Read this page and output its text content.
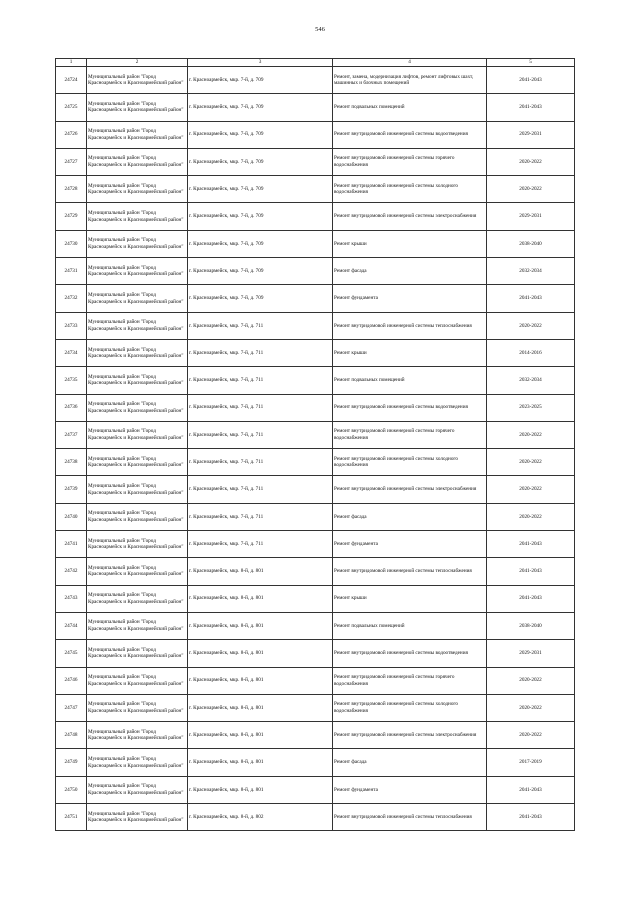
546
1	2	3	4	5
24724	Муниципальный район "Город Красноармейск и Красноармейский район"	г. Красноармейск, мкр. 7-й, д. 709	Ремонт, замена, модернизация лифтов, ремонт лифтовых шахт, машинных и блочных помещений	2041-2043
24725	Муниципальный район "Город Красноармейск и Красноармейский район"	г. Красноармейск, мкр. 7-й, д. 709	Ремонт подвальных помещений	2041-2043
24726	Муниципальный район "Город Красноармейск и Красноармейский район"	г. Красноармейск, мкр. 7-й, д. 709	Ремонт внутридомовой инженерной системы водоотведения	2029-2031
24727	Муниципальный район "Город Красноармейск и Красноармейский район"	г. Красноармейск, мкр. 7-й, д. 709	Ремонт внутридомовой инженерной системы горячего водоснабжения	2020-2022
24728	Муниципальный район "Город Красноармейск и Красноармейский район"	г. Красноармейск, мкр. 7-й, д. 709	Ремонт внутридомовой инженерной системы холодного водоснабжения	2020-2022
24729	Муниципальный район "Город Красноармейск и Красноармейский район"	г. Красноармейск, мкр. 7-й, д. 709	Ремонт внутридомовой инженерной системы электроснабжения	2029-2031
24730	Муниципальный район "Город Красноармейск и Красноармейский район"	г. Красноармейск, мкр. 7-й, д. 709	Ремонт крыши	2038-2040
24731	Муниципальный район "Город Красноармейск и Красноармейский район"	г. Красноармейск, мкр. 7-й, д. 709	Ремонт фасада	2032-2034
24732	Муниципальный район "Город Красноармейск и Красноармейский район"	г. Красноармейск, мкр. 7-й, д. 709	Ремонт фундамента	2041-2043
24733	Муниципальный район "Город Красноармейск и Красноармейский район"	г. Красноармейск, мкр. 7-й, д. 711	Ремонт внутридомовой инженерной системы теплоснабжения	2020-2022
24734	Муниципальный район "Город Красноармейск и Красноармейский район"	г. Красноармейск, мкр. 7-й, д. 711	Ремонт крыши	2014-2016
24735	Муниципальный район "Город Красноармейск и Красноармейский район"	г. Красноармейск, мкр. 7-й, д. 711	Ремонт подвальных помещений	2032-2034
24736	Муниципальный район "Город Красноармейск и Красноармейский район"	г. Красноармейск, мкр. 7-й, д. 711	Ремонт внутридомовой инженерной системы водоотведения	2023-2025
24737	Муниципальный район "Город Красноармейск и Красноармейский район"	г. Красноармейск, мкр. 7-й, д. 711	Ремонт внутридомовой инженерной системы горячего водоснабжения	2020-2022
24738	Муниципальный район "Город Красноармейск и Красноармейский район"	г. Красноармейск, мкр. 7-й, д. 711	Ремонт внутридомовой инженерной системы холодного водоснабжения	2020-2022
24739	Муниципальный район "Город Красноармейск и Красноармейский район"	г. Красноармейск, мкр. 7-й, д. 711	Ремонт внутридомовой инженерной системы электроснабжения	2020-2022
24740	Муниципальный район "Город Красноармейск и Красноармейский район"	г. Красноармейск, мкр. 7-й, д. 711	Ремонт фасада	2020-2022
24741	Муниципальный район "Город Красноармейск и Красноармейский район"	г. Красноармейск, мкр. 7-й, д. 711	Ремонт фундамента	2041-2043
24742	Муниципальный район "Город Красноармейск и Красноармейский район"	г. Красноармейск, мкр. 8-й, д. 801	Ремонт внутридомовой инженерной системы теплоснабжения	2041-2043
24743	Муниципальный район "Город Красноармейск и Красноармейский район"	г. Красноармейск, мкр. 8-й, д. 801	Ремонт крыши	2041-2043
24744	Муниципальный район "Город Красноармейск и Красноармейский район"	г. Красноармейск, мкр. 8-й, д. 801	Ремонт подвальных помещений	2038-2040
24745	Муниципальный район "Город Красноармейск и Красноармейский район"	г. Красноармейск, мкр. 8-й, д. 801	Ремонт внутридомовой инженерной системы водоотведения	2029-2031
24746	Муниципальный район "Город Красноармейск и Красноармейский район"	г. Красноармейск, мкр. 8-й, д. 801	Ремонт внутридомовой инженерной системы горячего водоснабжения	2020-2022
24747	Муниципальный район "Город Красноармейск и Красноармейский район"	г. Красноармейск, мкр. 8-й, д. 801	Ремонт внутридомовой инженерной системы холодного водоснабжения	2020-2022
24748	Муниципальный район "Город Красноармейск и Красноармейский район"	г. Красноармейск, мкр. 8-й, д. 801	Ремонт внутридомовой инженерной системы электроснабжения	2020-2022
24749	Муниципальный район "Город Красноармейск и Красноармейский район"	г. Красноармейск, мкр. 8-й, д. 801	Ремонт фасада	2017-2019
24750	Муниципальный район "Город Красноармейск и Красноармейский район"	г. Красноармейск, мкр. 8-й, д. 801	Ремонт фундамента	2041-2043
24751	Муниципальный район "Город Красноармейск и Красноармейский район"	г. Красноармейск, мкр. 8-й, д. 802	Ремонт внутридомовой инженерной системы теплоснабжения	2041-2043
